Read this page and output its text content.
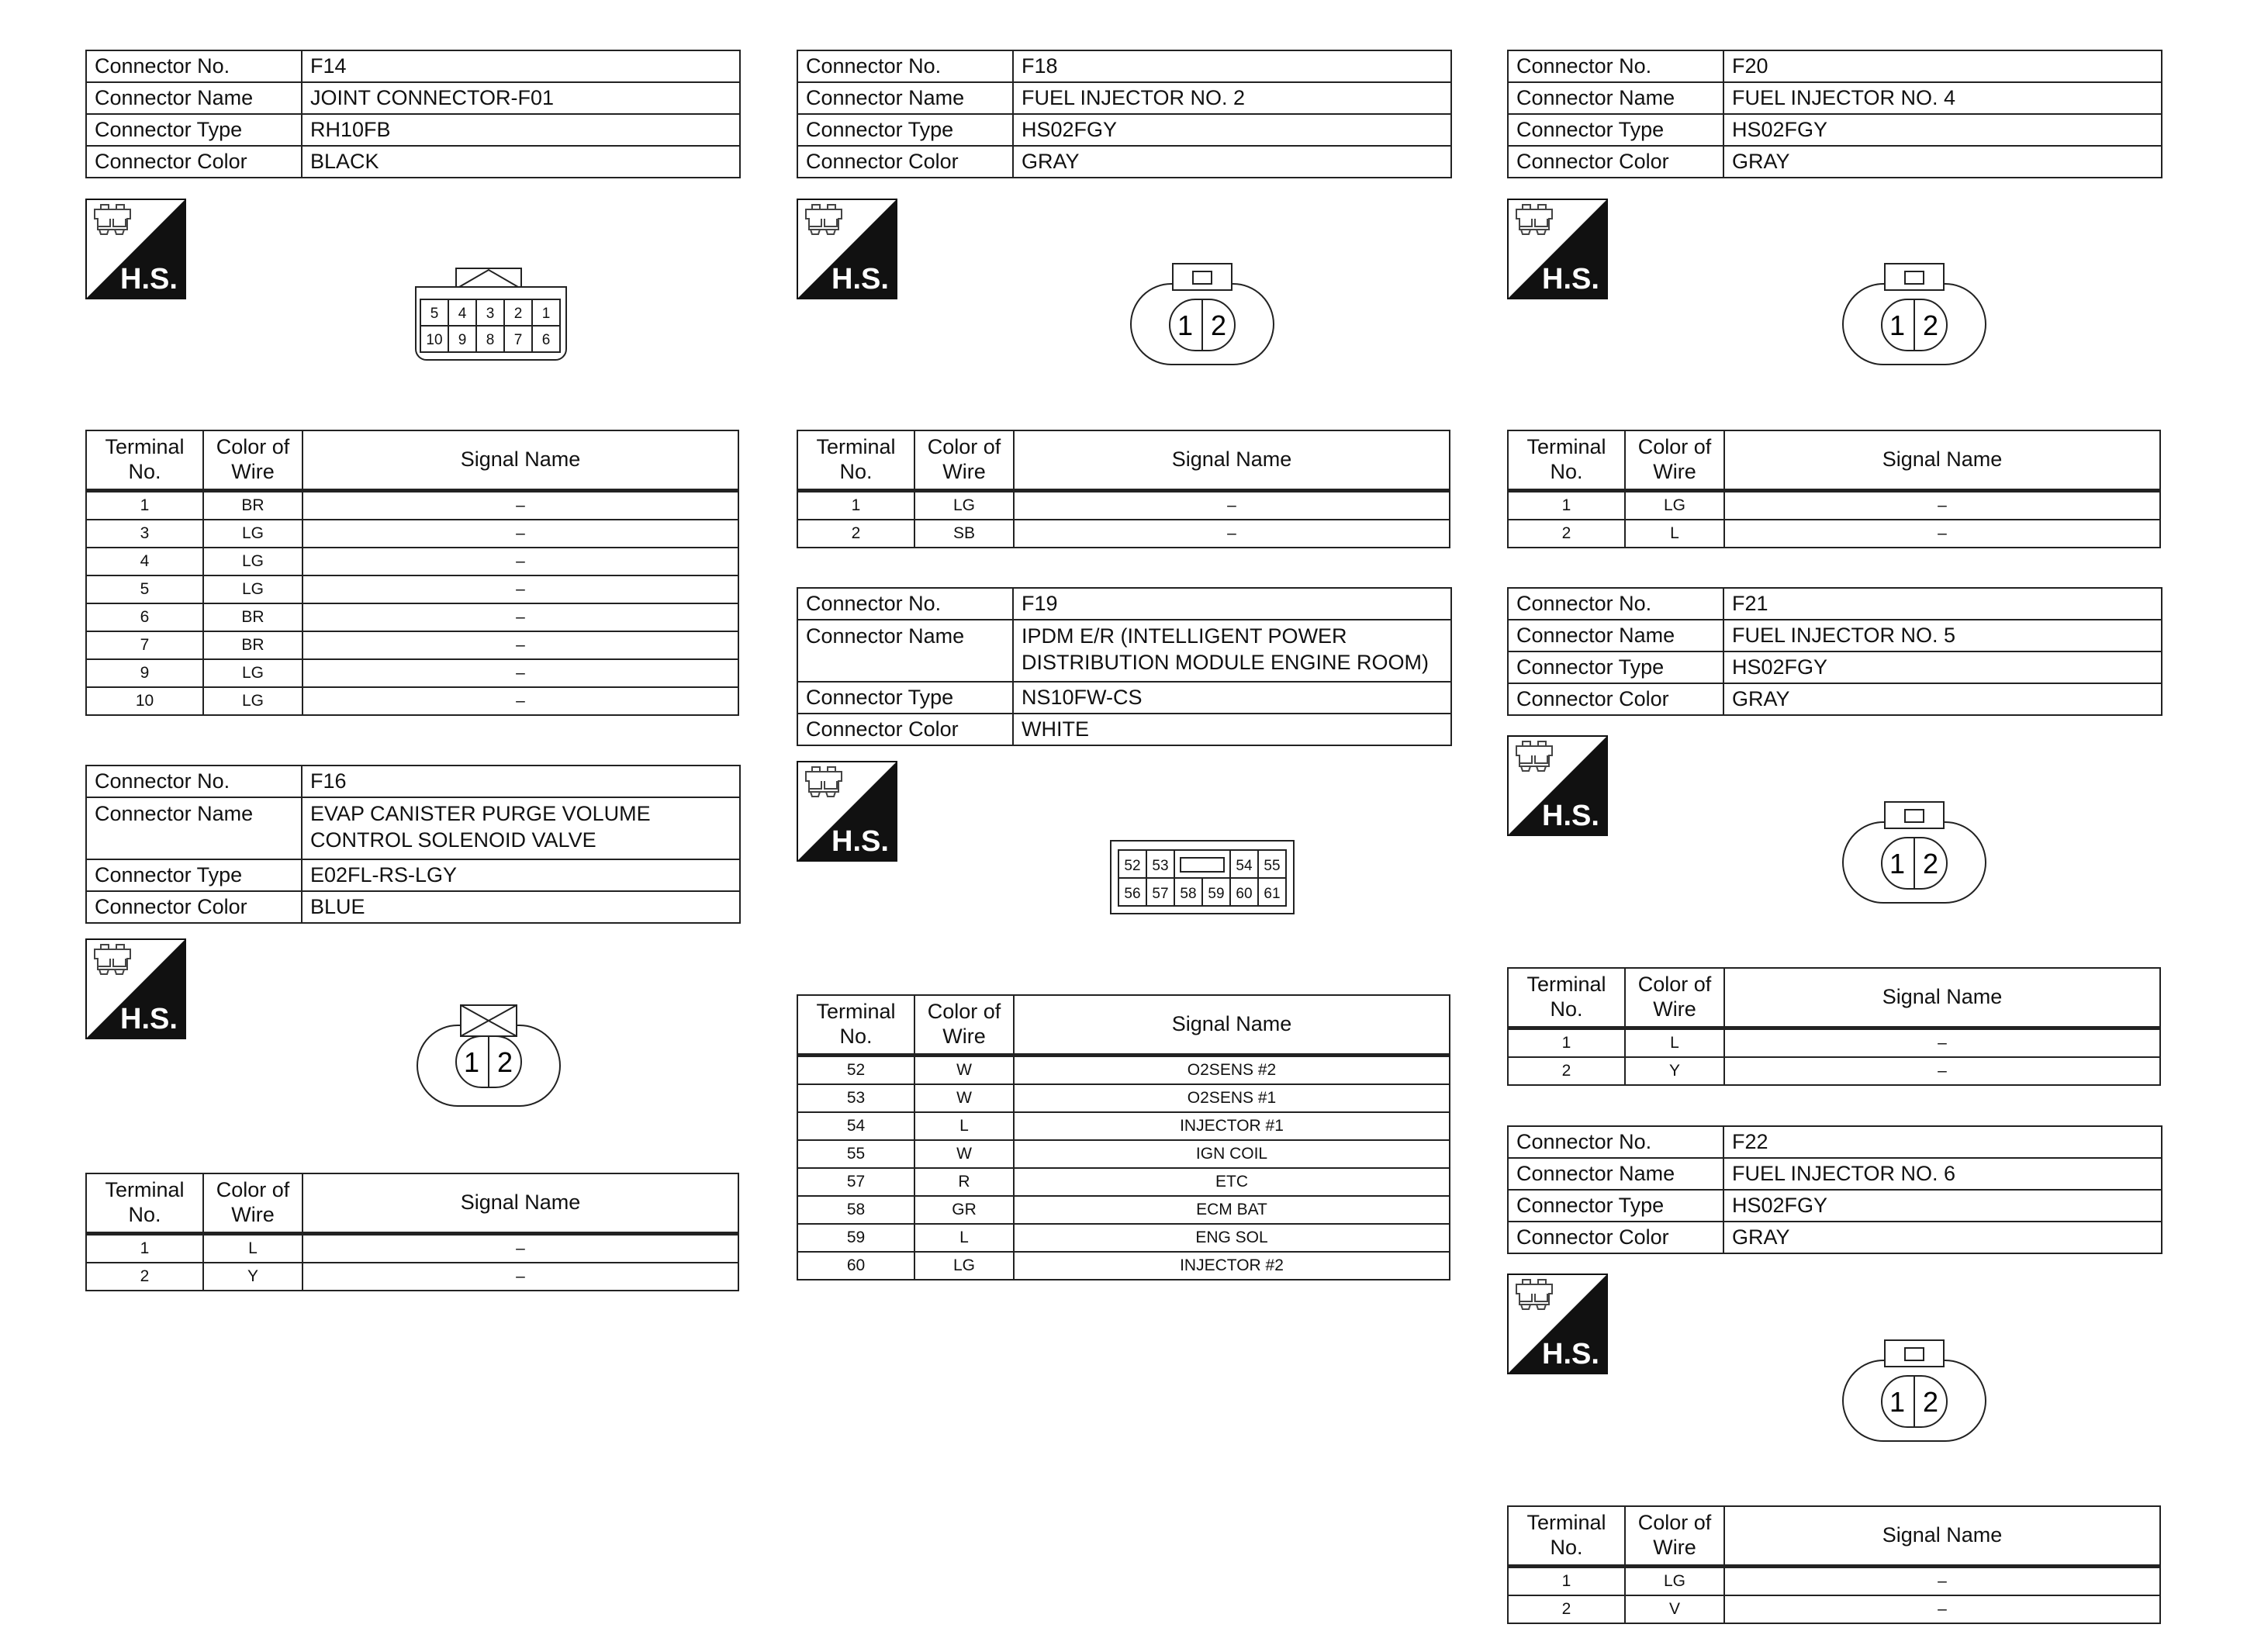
Connector No.	F14
Connector Name	JOINT CONNECTOR-F01
Connector Type	RH10FB
Connector Color	BLACK
H.S.
5 4 3 2 1
10 9 8 7 6
Terminal No.	Color of Wire	Signal Name
1	BR	–
3	LG	–
4	LG	–
5	LG	–
6	BR	–
7	BR	–
9	LG	–
10	LG	–
Connector No.	F16
Connector Name	EVAP CANISTER PURGE VOLUME
CONTROL SOLENOID VALVE
Connector Type	E02FL-RS-LGY
Connector Color	BLUE
H.S.
1 2
Terminal No.	Color of Wire	Signal Name
1	L	–
2	Y	–
Connector No.	F18
Connector Name	FUEL INJECTOR NO. 2
Connector Type	HS02FGY
Connector Color	GRAY
H.S.
1 2
Terminal No.	Color of Wire	Signal Name
1	LG	–
2	SB	–
Connector No.	F19
Connector Name	IPDM E/R (INTELLIGENT POWER
DISTRIBUTION MODULE ENGINE ROOM)
Connector Type	NS10FW-CS
Connector Color	WHITE
H.S.
52 53	54 55
56 57 58 59 60 61
Terminal No.	Color of Wire	Signal Name
52	W	O2SENS #2
53	W	O2SENS #1
54	L	INJECTOR #1
55	W	IGN COIL
57	R	ETC
58	GR	ECM BAT
59	L	ENG SOL
60	LG	INJECTOR #2
Connector No.	F20
Connector Name	FUEL INJECTOR NO. 4
Connector Type	HS02FGY
Connector Color	GRAY
H.S.
1 2
Terminal No.	Color of Wire	Signal Name
1	LG	–
2	L	–
Connector No.	F21
Connector Name	FUEL INJECTOR NO. 5
Connector Type	HS02FGY
Connector Color	GRAY
H.S.
1 2
Terminal No.	Color of Wire	Signal Name
1	L	–
2	Y	–
Connector No.	F22
Connector Name	FUEL INJECTOR NO. 6
Connector Type	HS02FGY
Connector Color	GRAY
H.S.
1 2
Terminal No.	Color of Wire	Signal Name
1	LG	–
2	V	–
